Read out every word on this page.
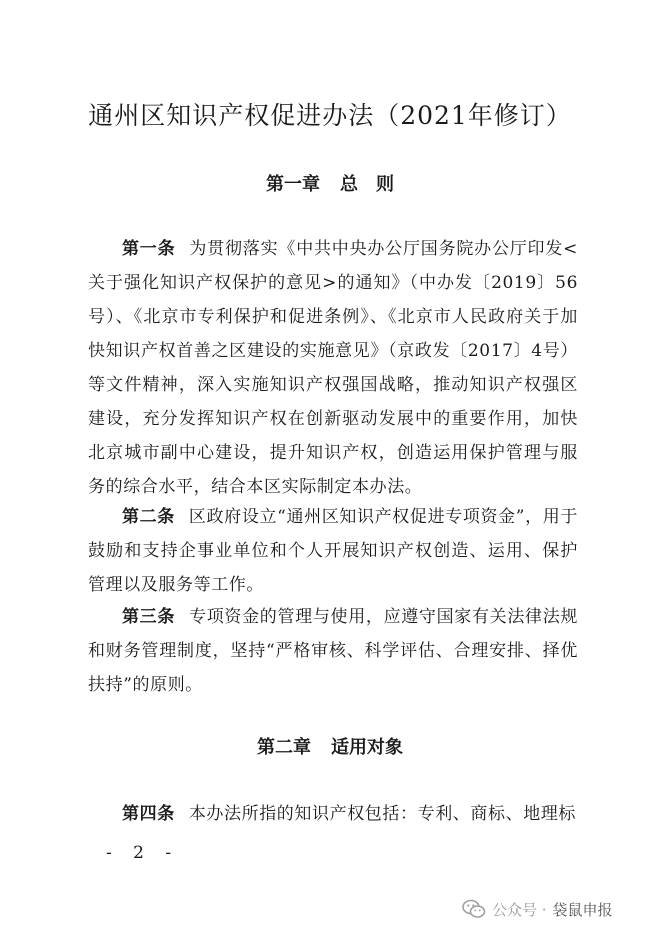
通州区知识产权促进办法（2021年修订）
第一章 总　则
第一条 为贯彻落实《中共中央办公厅国务院办公厅印发<关于强化知识产权保护的意见>的通知》（中办发〔2019〕56号）、《北京市专利保护和促进条例》、《北京市人民政府关于加快知识产权首善之区建设的实施意见》（京政发〔2017〕4号）等文件精神，深入实施知识产权强国战略，推动知识产权强区建设，充分发挥知识产权在创新驱动发展中的重要作用，加快北京城市副中心建设，提升知识产权，创造运用保护管理与服务的综合水平，结合本区实际制定本办法。
第二条 区政府设立“通州区知识产权促进专项资金”，用于鼓励和支持企事业单位和个人开展知识产权创造、运用、保护管理以及服务等工作。
第三条 专项资金的管理与使用，应遵守国家有关法律法规和财务管理制度，坚持“严格审核、科学评估、合理安排、择优扶持”的原则。
第二章 适用对象
第四条 本办法所指的知识产权包括：专利、商标、地理标
- 2 -
公众号 · 袋鼠申报
